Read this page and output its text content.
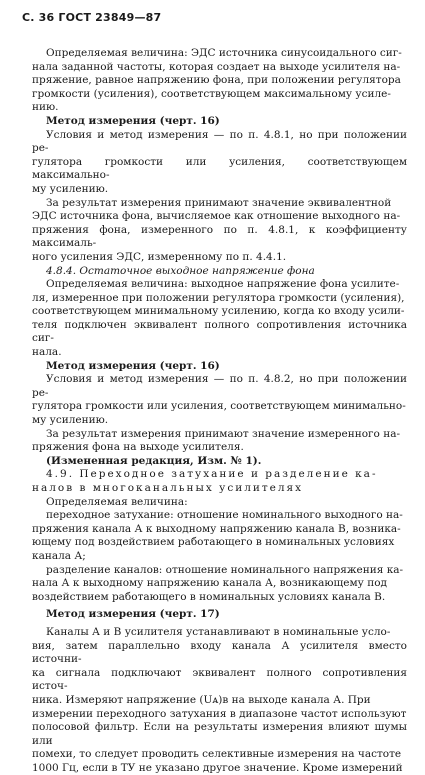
С. 36 ГОСТ 23849—87

Определяемая величина: ЭДС источника синусоидального сиг-

нала заданной частоты, которая создает на выходе усилителя на-

пряжение, равное напряжению фона, при положении регулятора

громкости (усиления), соответствующем максимальному усиле-

нию.

Метод измерения (черт. 16)

Условия и метод измерения — по п. 4.8.1, но при положении ре-

гулятора громкости или усиления, соответствующем максимально-

му усилению.

За результат измерения принимают значение эквивалентной

ЭДС источника фона, вычисляемое как отношение выходного на-

пряжения фона, измеренного по п. 4.8.1, к коэффициенту максималь-

ного усиления ЭДС, измеренному по п. 4.4.1.

4.8.4. Остаточное выходное напряжение фона

Определяемая величина: выходное напряжение фона усилите-

ля, измеренное при положении регулятора громкости (усиления),

соответствующем минимальному усилению, когда ко входу усили-

теля подключен эквивалент полного сопротивления источника сиг-

нала.

Метод измерения (черт. 16)

Условия и метод измерения — по п. 4.8.2, но при положении ре-

гулятора громкости или усиления, соответствующем минимально-

му усилению.

За результат измерения принимают значение измеренного на-

пряжения фона на выходе усилителя.

(Измененная редакция, Изм. № 1).

4.9. Переходное затухание и разделение ка-

налов в многоканальных усилителях

Определяемая величина:

переходное затухание: отношение номинального выходного на-

пряжения канала А к выходному напряжению канала В, возника-

ющему под воздействием работающего в номинальных условиях

канала А;

разделение каналов: отношение номинального напряжения ка-

нала А к выходному напряжению канала А, возникающему под

воздействием работающего в номинальных условиях канала В.

Метод измерения (черт. 17)

Каналы А и В усилителя устанавливают в номинальные усло-

вия, затем параллельно входу канала А усилителя вместо источни-

ка сигнала подключают эквивалент полного сопротивления источ-

ника. Измеряют напряжение (Uᴀ)в на выходе канала А. При

измерении переходного затухания в диапазоне частот используют

полосовой фильтр. Если на результаты измерения влияют шумы или

помехи, то следует проводить селективные измерения на частоте

1000 Гц, если в ТУ не указано другое значение. Кроме измерений
